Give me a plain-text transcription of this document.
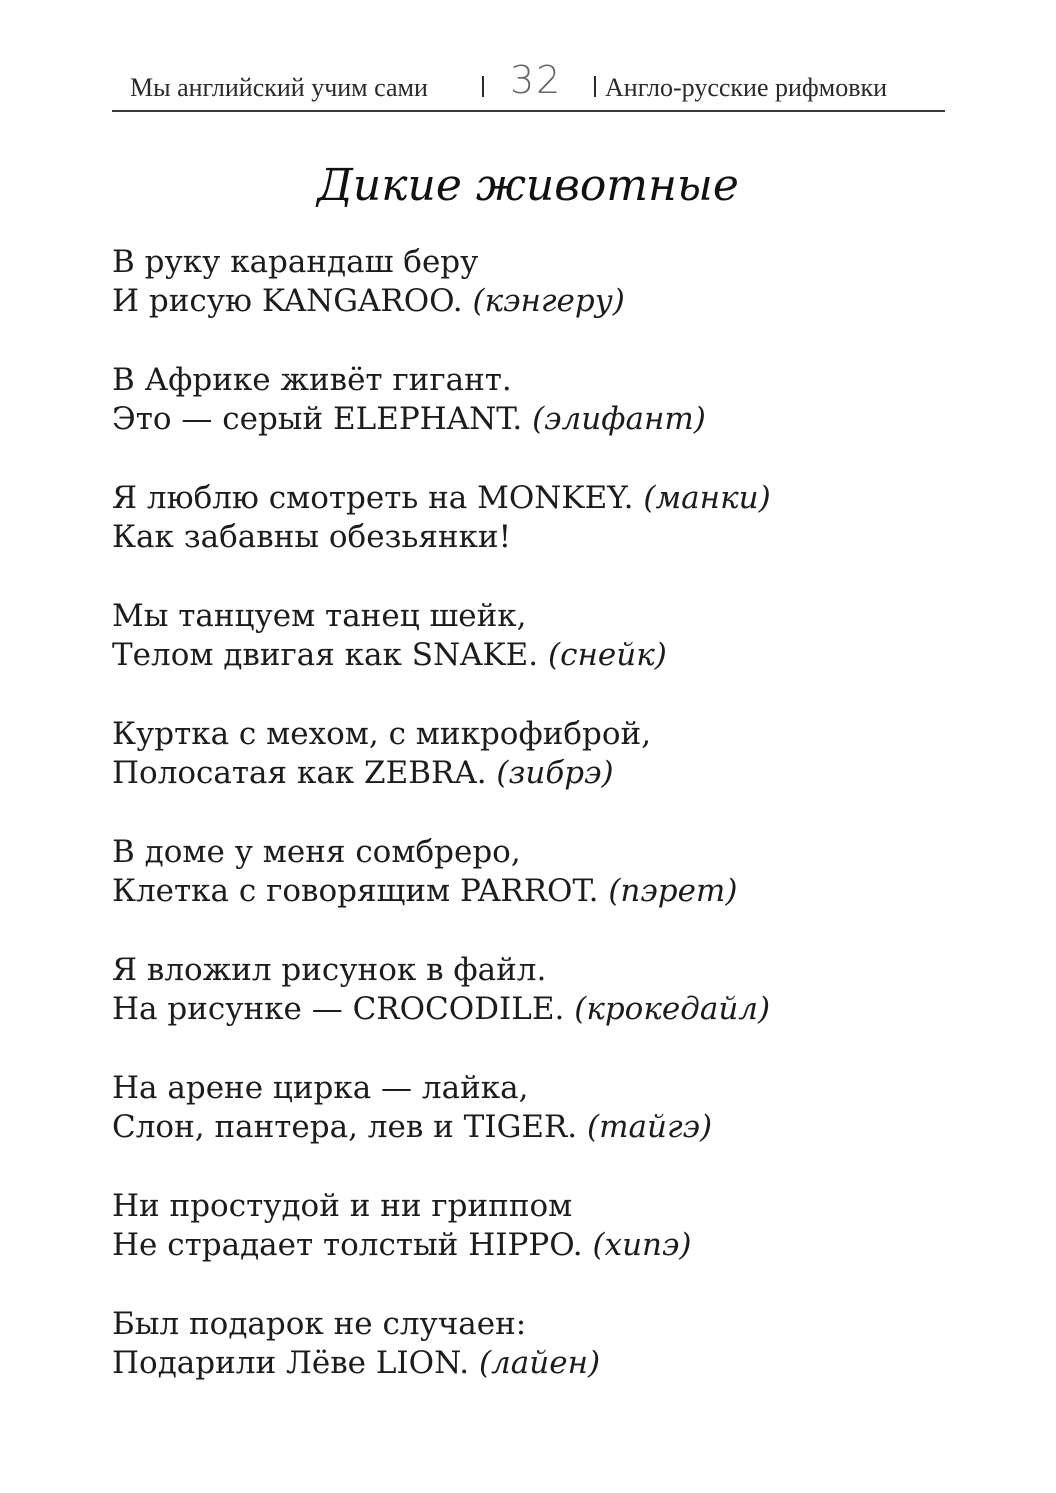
Мы английский учим сами 32 Англо-русские рифмовки
Дикие животные
В руку карандаш беру
И рисую KANGAROO. (кэнгеру)
В Африке живёт гигант.
Это — серый ELEPHANT. (элифант)
Я люблю смотреть на MONKEY. (манки)
Как забавны обезьянки!
Мы танцуем танец шейк,
Телом двигая как SNAKE. (снейк)
Куртка с мехом, с микрофиброй,
Полосатая как ZEBRA. (зибрэ)
В доме у меня сомбреро,
Клетка с говорящим PARROT. (пэрет)
Я вложил рисунок в файл.
На рисунке — CROCODILE. (крокедайл)
На арене цирка — лайка,
Слон, пантера, лев и TIGER. (тайгэ)
Ни простудой и ни гриппом
Не страдает толстый HIPPO. (хипэ)
Был подарок не случаен:
Подарили Лёве LION. (лайен)
